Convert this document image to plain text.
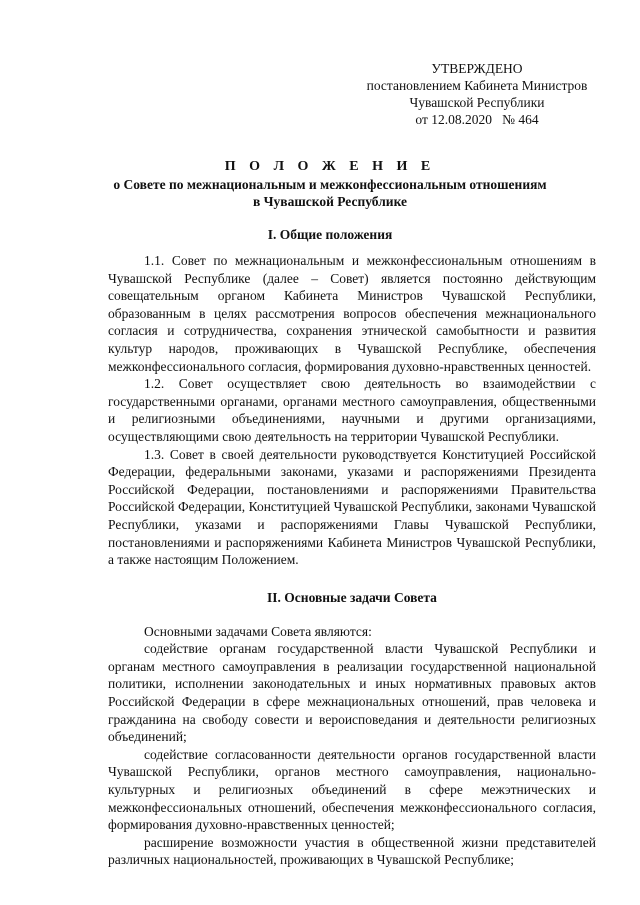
УТВЕРЖДЕНО
постановлением Кабинета Министров
Чувашской Республики
от 12.08.2020   № 464
П О Л О Ж Е Н И Е
о Совете по межнациональным и межконфессиональным отношениям
в Чувашской Республике
I. Общие положения

1.1. Совет по межнациональным и межконфессиональным отношениям в Чувашской Республике (далее – Совет) является постоянно действующим совещательным органом Кабинета Министров Чувашской Республики, образованным в целях рассмотрения вопросов обеспечения межнационального согласия и сотрудничества, сохранения этнической самобытности и развития культур народов, проживающих в Чувашской Республике, обеспечения межконфессионального согласия, формирования духовно-нравственных ценностей.

1.2. Совет осуществляет свою деятельность во взаимодействии с государственными органами, органами местного самоуправления, общественными и религиозными объединениями, научными и другими организациями, осуществляющими свою деятельность на территории Чувашской Республики.

1.3. Совет в своей деятельности руководствуется Конституцией Российской Федерации, федеральными законами, указами и распоряжениями Президента Российской Федерации, постановлениями и распоряжениями Правительства Российской Федерации, Конституцией Чувашской Республики, законами Чувашской Республики, указами и распоряжениями Главы Чувашской Республики, постановлениями и распоряжениями Кабинета Министров Чувашской Республики, а также настоящим Положением.

II. Основные задачи Совета

Основными задачами Совета являются:

содействие органам государственной власти Чувашской Республики и органам местного самоуправления в реализации государственной национальной политики, исполнении законодательных и иных нормативных правовых актов Российской Федерации в сфере межнациональных отношений, прав человека и гражданина на свободу совести и вероисповедания и деятельности религиозных объединений;

содействие согласованности деятельности органов государственной власти Чувашской Республики, органов местного самоуправления, национально-культурных и религиозных объединений в сфере межэтнических и межконфессиональных отношений, обеспечения межконфессионального согласия, формирования духовно-нравственных ценностей;

расширение возможности участия в общественной жизни представителей различных национальностей, проживающих в Чувашской Республике;
